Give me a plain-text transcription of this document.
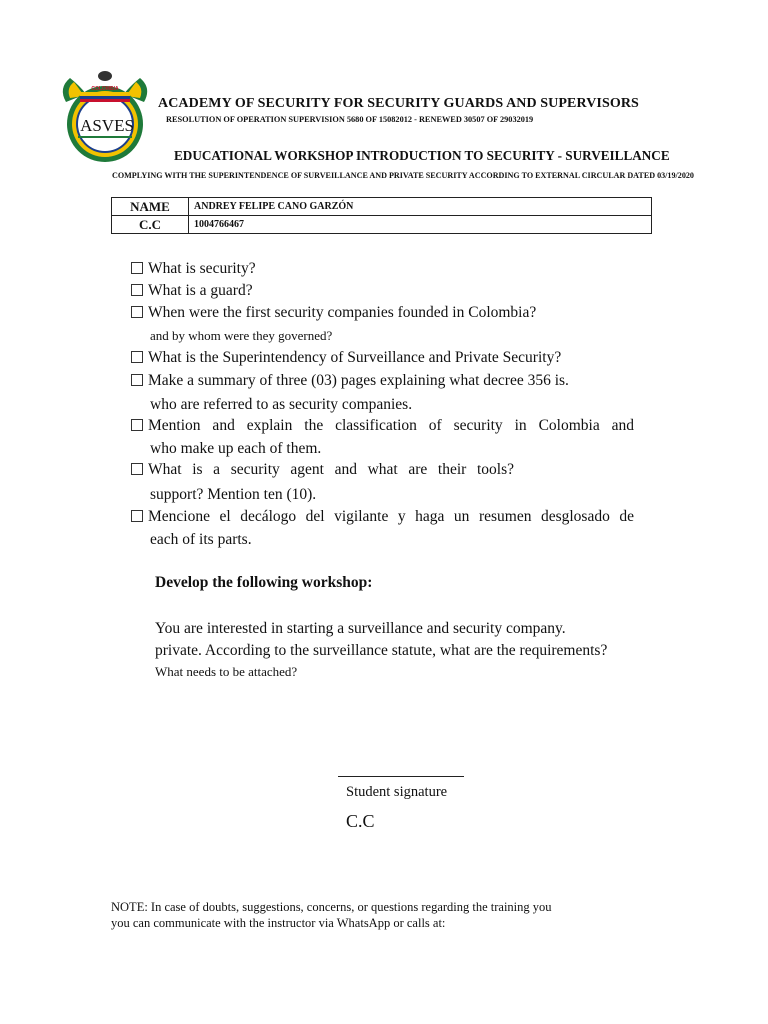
COLOMBIA
ASVES
ACADEMY OF SECURITY FOR SECURITY GUARDS AND SUPERVISORS
RESOLUTION OF OPERATION SUPERVISION 5680 OF 15082012 - RENEWED 30507 OF 29032019
EDUCATIONAL WORKSHOP INTRODUCTION TO SECURITY - SURVEILLANCE
COMPLYING WITH THE SUPERINTENDENCE OF SURVEILLANCE AND PRIVATE SECURITY ACCORDING TO EXTERNAL CIRCULAR DATED 03/19/2020
NAME	ANDREY FELIPE CANO GARZÓN
C.C	1004766467
What is security?
What is a guard?
When were the first security companies founded in Colombia?
and by whom were they governed?
What is the Superintendency of Surveillance and Private Security?
Make a summary of three (03) pages explaining what decree 356 is.
who are referred to as security companies.
Mention and explain the classification of security in Colombia and
who make up each of them.
What is a security agent and what are their tools?
support? Mention ten (10).
Mencione el decálogo del vigilante y haga un resumen desglosado de
each of its parts.
Develop the following workshop:
You are interested in starting a surveillance and security company.
private. According to the surveillance statute, what are the requirements?
What needs to be attached?
Student signature
C.C
NOTE: In case of doubts, suggestions, concerns, or questions regarding the training you
you can communicate with the instructor via WhatsApp or calls at:
